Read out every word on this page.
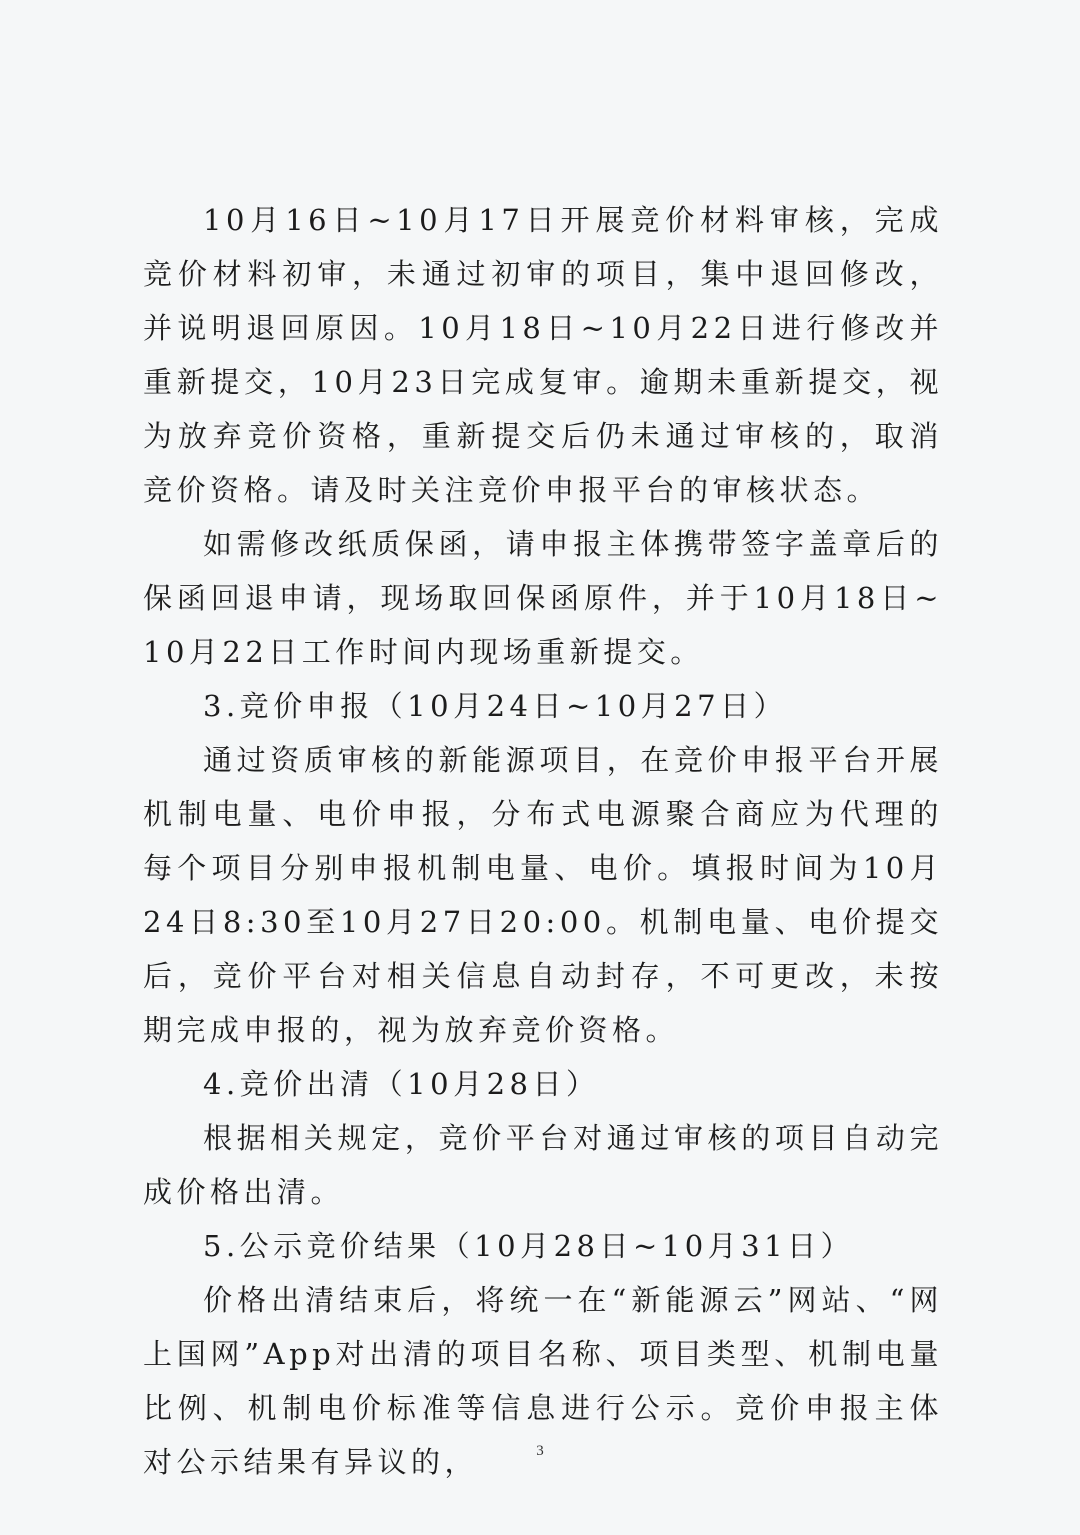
10月16日~10月17日开展竞价材料审核，完成竞价材料初审，未通过初审的项目，集中退回修改，并说明退回原因。10月18日~10月22日进行修改并重新提交，10月23日完成复审。逾期未重新提交，视为放弃竞价资格，重新提交后仍未通过审核的，取消竞价资格。请及时关注竞价申报平台的审核状态。

如需修改纸质保函，请申报主体携带签字盖章后的保函回退申请，现场取回保函原件，并于10月18日~10月22日工作时间内现场重新提交。

3.竞价申报（10月24日~10月27日）

通过资质审核的新能源项目，在竞价申报平台开展机制电量、电价申报，分布式电源聚合商应为代理的每个项目分别申报机制电量、电价。填报时间为10月24日8:30至10月27日20:00。机制电量、电价提交后，竞价平台对相关信息自动封存，不可更改，未按期完成申报的，视为放弃竞价资格。

4.竞价出清（10月28日）

根据相关规定，竞价平台对通过审核的项目自动完成价格出清。

5.公示竞价结果（10月28日~10月31日）

价格出清结束后，将统一在“新能源云”网站、“网上国网”App对出清的项目名称、项目类型、机制电量比例、机制电价标准等信息进行公示。竞价申报主体对公示结果有异议的，	3
